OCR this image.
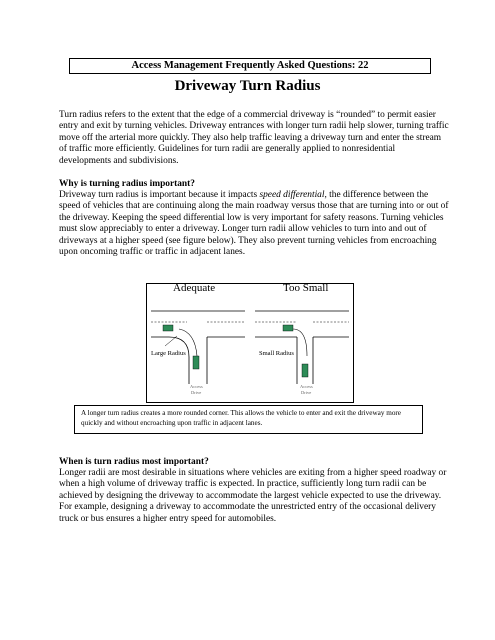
Access Management Frequently Asked Questions: 22
Driveway Turn Radius

Turn radius refers to the extent that the edge of a commercial driveway is “rounded” to permit easier entry and exit by turning vehicles. Driveway entrances with longer turn radii help slower, turning traffic move off the arterial more quickly. They also help traffic leaving a driveway turn and enter the stream of traffic more efficiently. Guidelines for turn radii are generally applied to nonresidential developments and subdivisions.

Why is turning radius important?

Driveway turn radius is important because it impacts speed differential, the difference between the speed of vehicles that are continuing along the main roadway versus those that are turning into or out of the driveway. Keeping the speed differential low is very important for safety reasons. Turning vehicles must slow appreciably to enter a driveway. Longer turn radii allow vehicles to turn into and out of driveways at a higher speed (see figure below). They also prevent turning vehicles from encroaching upon oncoming traffic or traffic in adjacent lanes.

Adequate	Too Small
Large Radius	Small Radius
Access
Drive
Access
Drive
A longer turn radius creates a more rounded corner. This allows the vehicle to enter and exit the driveway more quickly and without encroaching upon traffic in adjacent lanes.

When is turn radius most important?

Longer radii are most desirable in situations where vehicles are exiting from a higher speed roadway or when a high volume of driveway traffic is expected. In practice, sufficiently long turn radii can be achieved by designing the driveway to accommodate the largest vehicle expected to use the driveway. For example, designing a driveway to accommodate the unrestricted entry of the occasional delivery truck or bus ensures a higher entry speed for automobiles.
